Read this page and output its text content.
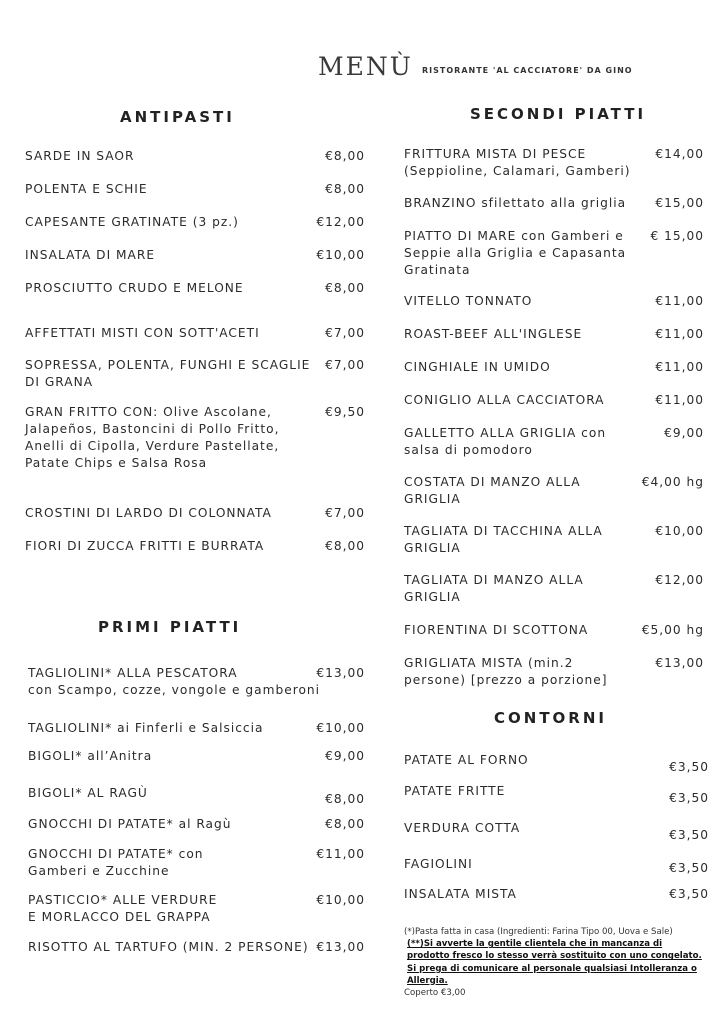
MENÙ RISTORANTE 'AL CACCIATORE' DA GINO
ANTIPASTI
PRIMI PIATTI
SECONDI PIATTI
CONTORNI
SARDE IN SAOR	€8,00
POLENTA E SCHIE	€8,00
CAPESANTE GRATINATE (3 pz.)	€12,00
INSALATA DI MARE	€10,00
PROSCIUTTO CRUDO E MELONE	€8,00
AFFETTATI MISTI CON SOTT'ACETI	€7,00
SOPRESSA, POLENTA, FUNGHI E SCAGLIE
DI GRANA
€7,00
GRAN FRITTO CON: Olive Ascolane,
Jalapeños, Bastoncini di Pollo Fritto,
Anelli di Cipolla, Verdure Pastellate,
Patate Chips e Salsa Rosa
€9,50
CROSTINI DI LARDO DI COLONNATA	€7,00
FIORI DI ZUCCA FRITTI E BURRATA	€8,00
TAGLIOLINI* ALLA PESCATORA
con Scampo, cozze, vongole e gamberoni
€13,00
TAGLIOLINI* ai Finferli e Salsiccia	€10,00
BIGOLI* all’Anitra	€9,00
BIGOLI* AL RAGÙ	€8,00
GNOCCHI DI PATATE* al Ragù	€8,00
GNOCCHI DI PATATE* con
Gamberi e Zucchine
€11,00
PASTICCIO* ALLE VERDURE
E MORLACCO DEL GRAPPA
€10,00
RISOTTO AL TARTUFO (MIN. 2 PERSONE) €13,00
FRITTURA MISTA DI PESCE
(Seppioline, Calamari, Gamberi)
€14,00
BRANZINO sfilettato alla griglia €15,00
PIATTO DI MARE con Gamberi e
Seppie alla Griglia e Capasanta
Gratinata
€ 15,00
VITELLO TONNATO	€11,00
ROAST-BEEF ALL'INGLESE	€11,00
CINGHIALE IN UMIDO	€11,00
CONIGLIO ALLA CACCIATORA	€11,00
GALLETTO ALLA GRIGLIA con
salsa di pomodoro
€9,00
COSTATA DI MANZO ALLA
GRIGLIA
€4,00 hg
TAGLIATA DI TACCHINA ALLA
GRIGLIA
€10,00
TAGLIATA DI MANZO ALLA
GRIGLIA
€12,00
FIORENTINA DI SCOTTONA	€5,00 hg
GRIGLIATA MISTA (min.2
persone) [prezzo a porzione]
€13,00
PATATE AL FORNO	€3,50
PATATE FRITTE	€3,50
VERDURA COTTA	€3,50
FAGIOLINI	€3,50
INSALATA MISTA	€3,50
(*)Pasta fatta in casa (Ingredienti: Farina Tipo 00, Uova e Sale)
(**)Si avverte la gentile clientela che in mancanza di prodotto fresco lo stesso verrà sostituito con uno congelato. Si prega di comunicare al personale qualsiasi Intolleranza o Allergia.
Coperto €3,00
